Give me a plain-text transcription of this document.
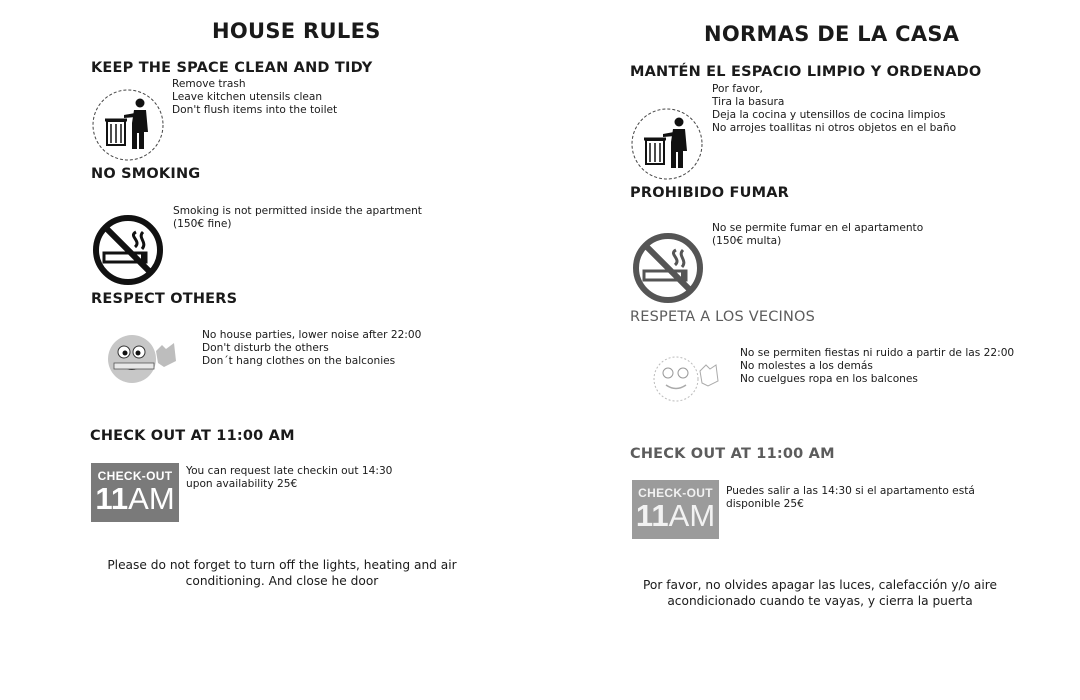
HOUSE RULES
KEEP THE SPACE CLEAN AND TIDY
Remove trash
Leave kitchen utensils clean
Don't flush items into the toilet
NO SMOKING
Smoking is not permitted inside the apartment
(150€ fine)
RESPECT OTHERS
No house parties, lower noise after 22:00
Don't disturb the others
Don´t hang clothes on the balconies
CHECK OUT AT 11:00 AM
CHECK-OUT
11AM
You can request late checkin out 14:30
upon availability 25€
Please do not forget to turn off the lights, heating and air
conditioning. And close he door
NORMAS DE LA CASA
MANTÉN EL ESPACIO LIMPIO Y ORDENADO
Por favor,
Tira la basura
Deja la cocina y utensillos de cocina limpios
No arrojes toallitas ni otros objetos en el baño
PROHIBIDO FUMAR
No se permite fumar en el apartamento
(150€ multa)
RESPETA A LOS VECINOS
No se permiten fiestas ni ruido a partir de las 22:00
No molestes a los demás
No cuelgues ropa en los balcones
CHECK OUT AT 11:00 AM
CHECK-OUT
11AM
Puedes salir a las 14:30 si el apartamento está
disponible 25€
Por favor, no olvides apagar las luces, calefacción y/o aire
acondicionado cuando te vayas, y cierra la puerta
